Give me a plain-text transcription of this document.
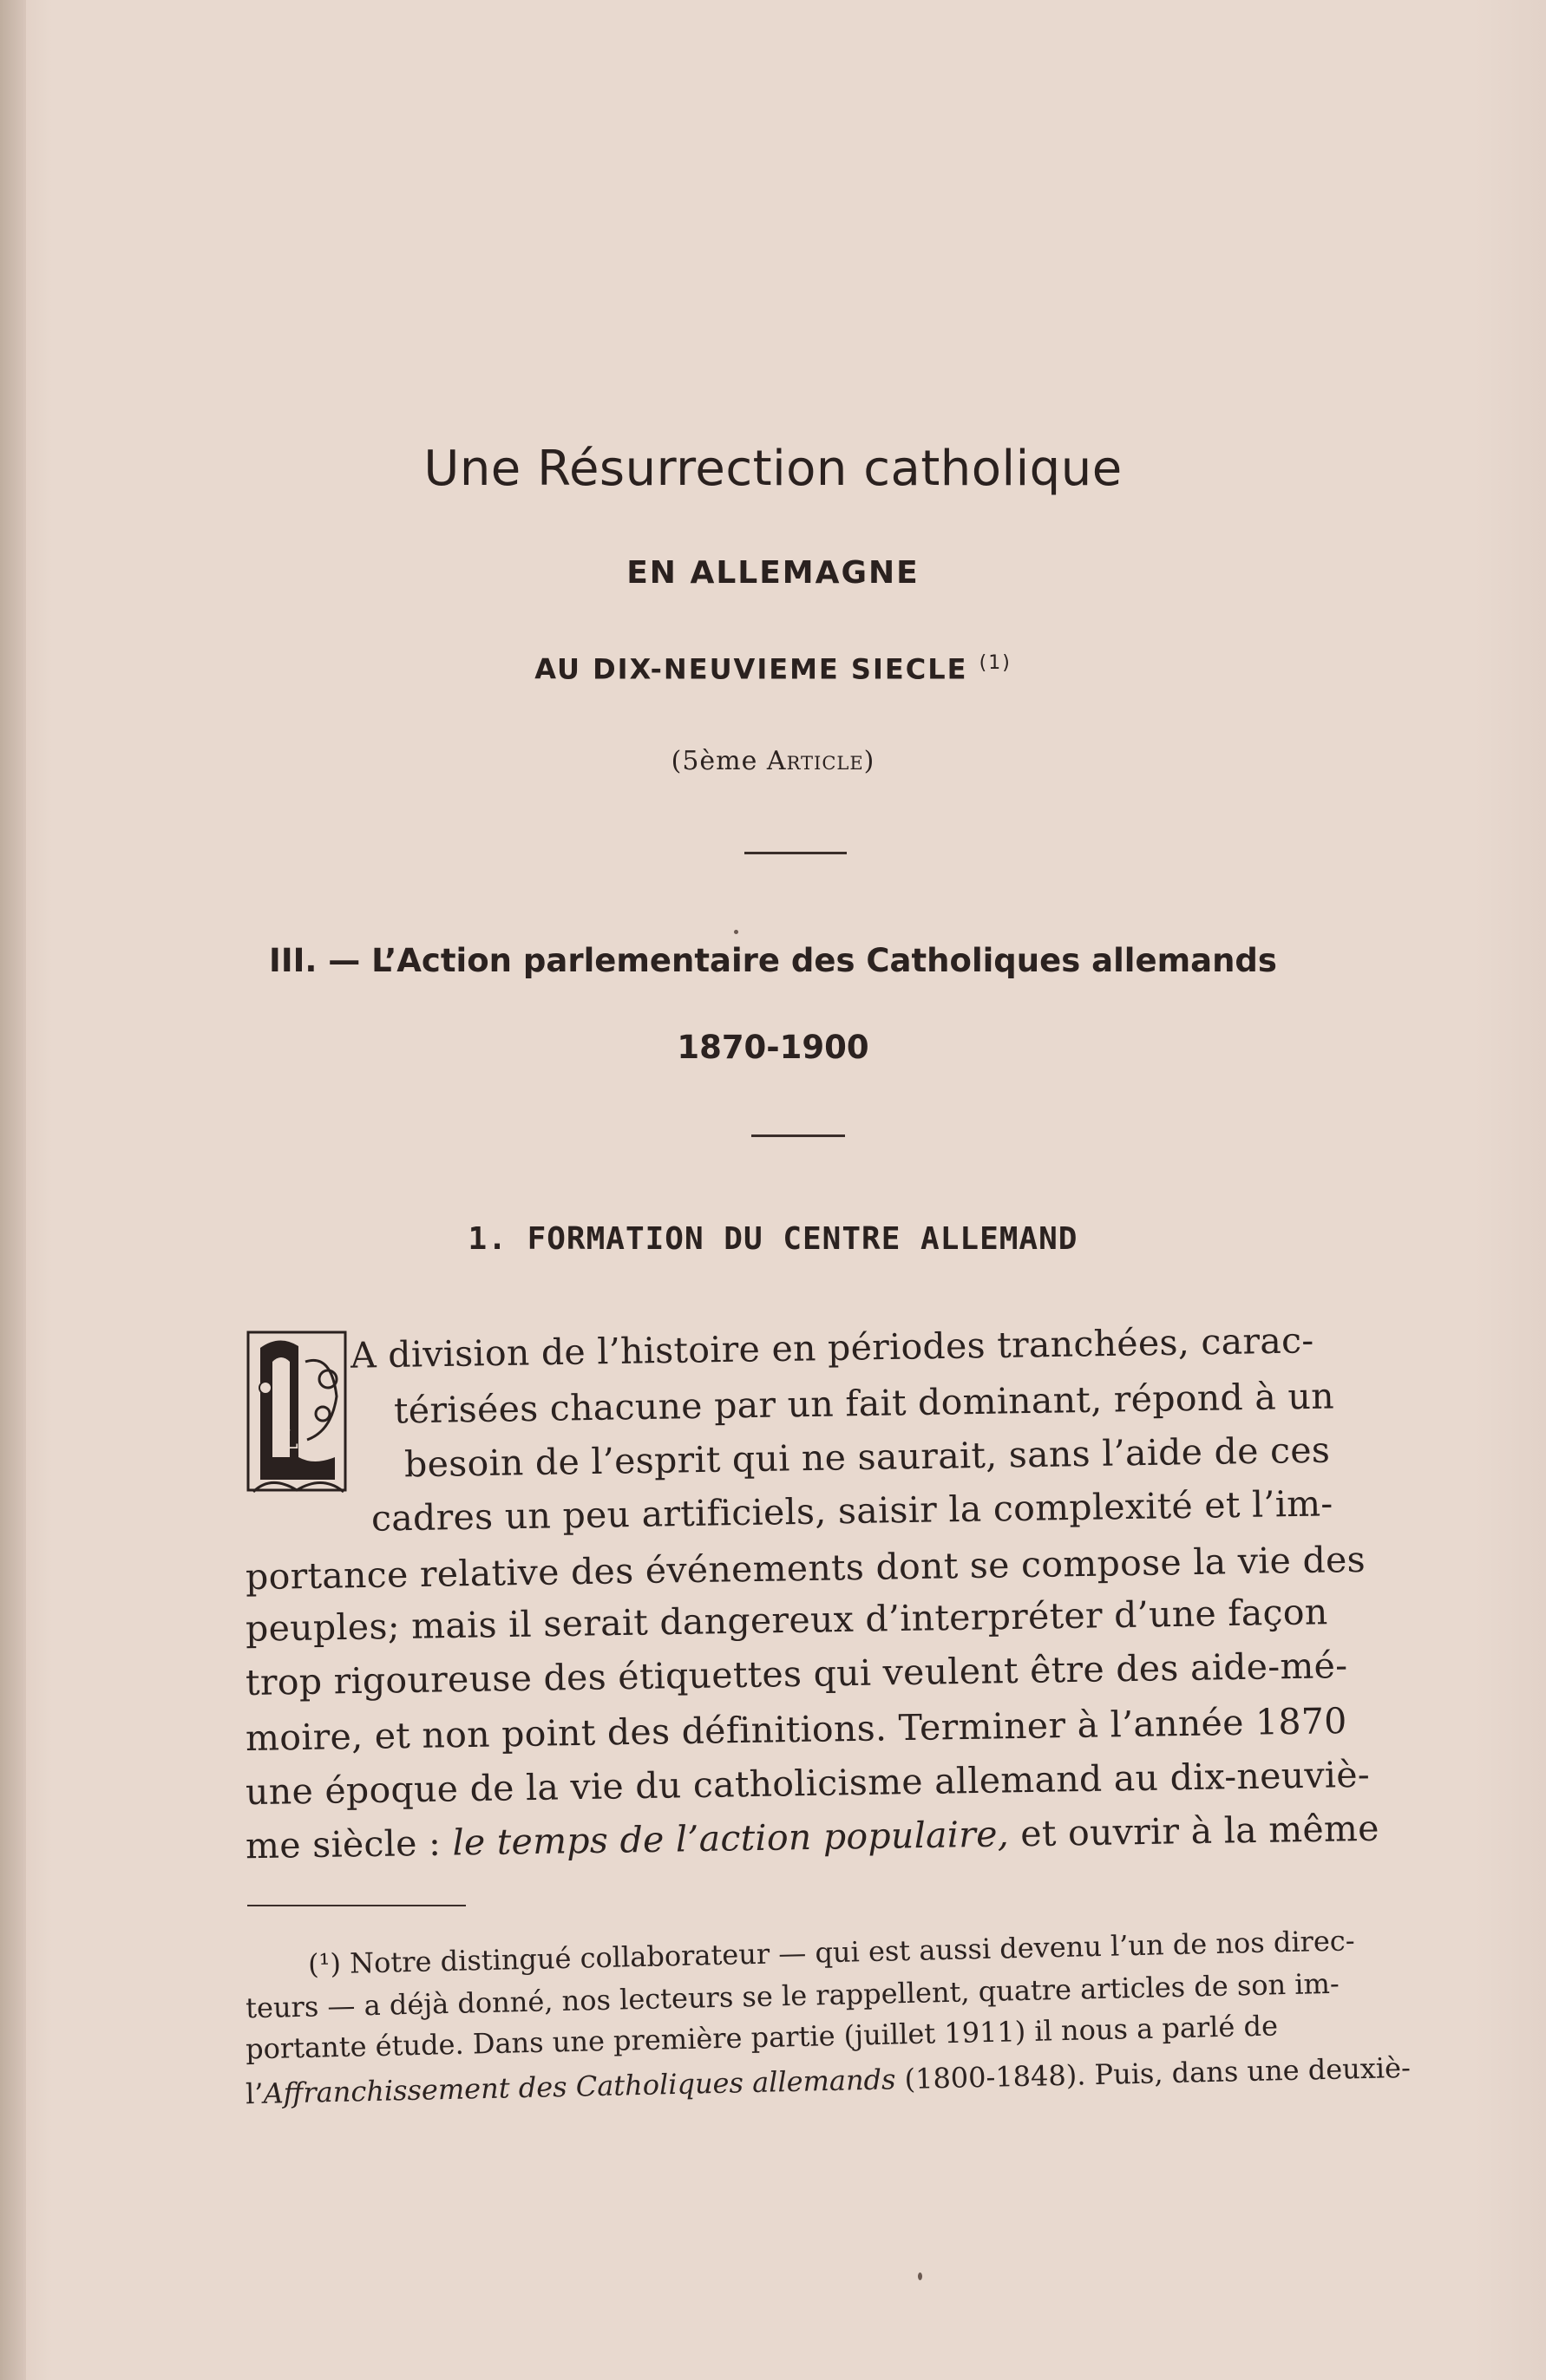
Une Résurrection catholique
EN ALLEMAGNE
AU DIX-NEUVIEME SIECLE $^{(1)}$
(5ème Article)
III. — L’Action parlementaire des Catholiques allemands
1870-1900
1. FORMATION DU CENTRE ALLEMAND
L
A division de l’histoire en périodes tranchées, carac-
térisées chacune par un fait dominant, répond à un
besoin de l’esprit qui ne saurait, sans l’aide de ces
cadres un peu artificiels, saisir la complexité et l’im-
portance relative des événements dont se compose la vie des
peuples; mais il serait dangereux d’interpréter d’une façon
trop rigoureuse des étiquettes qui veulent être des aide-mé-
moire, et non point des définitions. Terminer à l’année 1870
une époque de la vie du catholicisme allemand au dix-neuviè-
me siècle : le temps de l’action populaire, et ouvrir à la même
(¹) Notre distingué collaborateur — qui est aussi devenu l’un de nos direc-
teurs — a déjà donné, nos lecteurs se le rappellent, quatre articles de son im-
portante étude. Dans une première partie (juillet 1911) il nous a parlé de
l’Affranchissement des Catholiques allemands (1800-1848). Puis, dans une deuxiè-
